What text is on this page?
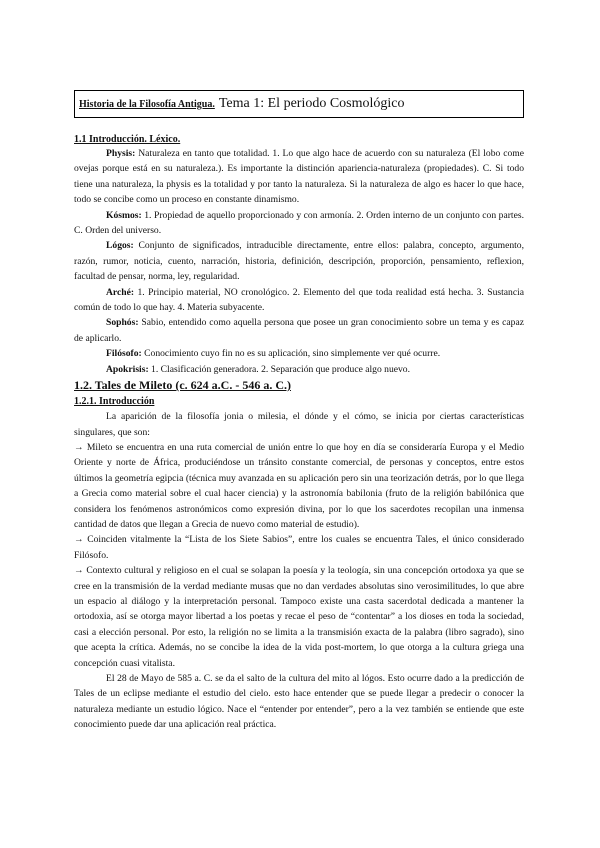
Historia de la Filosofía Antigua. Tema 1: El periodo Cosmológico
1.1 Introducción. Léxico.

Physis: Naturaleza en tanto que totalidad. 1. Lo que algo hace de acuerdo con su naturaleza (El lobo come ovejas porque está en su naturaleza.). Es importante la distinción apariencia-naturaleza (propiedades). C. Si todo tiene una naturaleza, la physis es la totalidad y por tanto la naturaleza. Si la naturaleza de algo es hacer lo que hace, todo se concibe como un proceso en constante dinamismo.

Kósmos: 1. Propiedad de aquello proporcionado y con armonía. 2. Orden interno de un conjunto con partes. C. Orden del universo.

Lógos: Conjunto de significados, intraducible directamente, entre ellos: palabra, concepto, argumento, razón, rumor, noticia, cuento, narración, historia, definición, descripción, proporción, pensamiento, reflexion, facultad de pensar, norma, ley, regularidad.

Arché: 1. Principio material, NO cronológico. 2. Elemento del que toda realidad está hecha. 3. Sustancia común de todo lo que hay. 4. Materia subyacente.

Sophós: Sabio, entendido como aquella persona que posee un gran conocimiento sobre un tema y es capaz de aplicarlo.

Filósofo: Conocimiento cuyo fin no es su aplicación, sino simplemente ver qué ocurre.

Apokrisis: 1. Clasificación generadora. 2. Separación que produce algo nuevo.

1.2. Tales de Mileto (c. 624 a.C. - 546 a. C.)
1.2.1. Introducción

La aparición de la filosofía jonia o milesia, el dónde y el cómo, se inicia por ciertas características singulares, que son:

→ Mileto se encuentra en una ruta comercial de unión entre lo que hoy en día se consideraría Europa y el Medio Oriente y norte de África, produciéndose un tránsito constante comercial, de personas y conceptos, entre estos últimos la geometría egipcia (técnica muy avanzada en su aplicación pero sin una teorización detrás, por lo que llega a Grecia como material sobre el cual hacer ciencia) y la astronomía babilonia (fruto de la religión babilónica que considera los fenómenos astronómicos como expresión divina, por lo que los sacerdotes recopilan una inmensa cantidad de datos que llegan a Grecia de nuevo como material de estudio).

→ Coinciden vitalmente la “Lista de los Siete Sabios”, entre los cuales se encuentra Tales, el único considerado Filósofo.

→ Contexto cultural y religioso en el cual se solapan la poesía y la teología, sin una concepción ortodoxa ya que se cree en la transmisión de la verdad mediante musas que no dan verdades absolutas sino verosimilitudes, lo que abre un espacio al diálogo y la interpretación personal. Tampoco existe una casta sacerdotal dedicada a mantener la ortodoxia, así se otorga mayor libertad a los poetas y recae el peso de “contentar” a los dioses en toda la sociedad, casi a elección personal. Por esto, la religión no se limita a la transmisión exacta de la palabra (libro sagrado), sino que acepta la crítica. Además, no se concibe la idea de la vida post-mortem, lo que otorga a la cultura griega una concepción cuasi vitalista.

El 28 de Mayo de 585 a. C. se da el salto de la cultura del mito al lógos. Esto ocurre dado a la predicción de Tales de un eclipse mediante el estudio del cielo. esto hace entender que se puede llegar a predecir o conocer la naturaleza mediante un estudio lógico. Nace el “entender por entender”, pero a la vez también se entiende que este conocimiento puede dar una aplicación real práctica.
